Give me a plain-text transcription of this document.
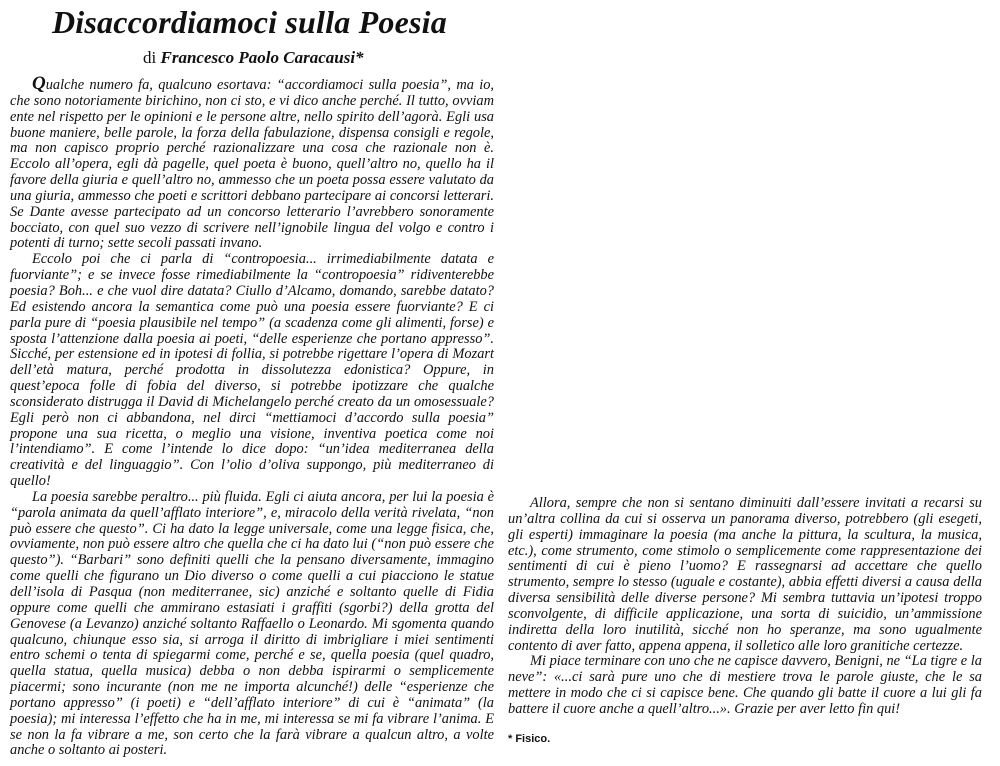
Disaccordiamoci sulla Poesia
di Francesco Paolo Caracausi*

Qualche numero fa, qualcuno esortava: “accordiamoci sulla poesia”, ma io, che sono notoriamente birichino, non ci sto, e vi dico anche perché. Il tutto, ovviam ente nel rispetto per le opinioni e le persone altre, nello spirito dell’agorà. Egli usa buone maniere, belle parole, la forza della fabulazione, dispensa consigli e regole, ma non capisco proprio perché razionalizzare una cosa che razionale non è. Eccolo all’opera, egli dà pagelle, quel poeta è buono, quell’altro no, quello ha il favore della giuria e quell’altro no, ammesso che un poeta possa essere valutato da una giuria, ammesso che poeti e scrittori debbano partecipare ai concorsi letterari. Se Dante avesse partecipato ad un concorso letterario l’avrebbero sonoramente bocciato, con quel suo vezzo di scrivere nell’ignobile lingua del volgo e contro i potenti di turno; sette secoli passati invano.

Eccolo poi che ci parla di “contropoesia... irrimediabilmente datata e fuorviante”; e se invece fosse rimediabilmente la “contropoesia” ridiventerebbe poesia? Boh... e che vuol dire datata? Ciullo d’Alcamo, domando, sarebbe datato? Ed esistendo ancora la semantica come può una poesia essere fuorviante? E ci parla pure di “poesia plausibile nel tempo” (a scadenza come gli alimenti, forse) e sposta l’attenzione dalla poesia ai poeti, “delle esperienze che portano appresso”. Sicché, per estensione ed in ipotesi di follia, si potrebbe rigettare l’opera di Mozart dell’età matura, perché prodotta in dissolutezza edonistica? Oppure, in quest’epoca folle di fobia del diverso, si potrebbe ipotizzare che qualche sconsiderato distrugga il David di Michelangelo perché creato da un omosessuale? Egli però non ci abbandona, nel dirci “mettiamoci d’accordo sulla poesia” propone una sua ricetta, o meglio una visione, inventiva poetica come noi l’intendiamo”. E come l’intende lo dice dopo: “un’idea mediterranea della creatività e del linguaggio”. Con l’olio d’oliva suppongo, più mediterraneo di quello!

La poesia sarebbe peraltro... più fluida. Egli ci aiuta ancora, per lui la poesia è “parola animata da quell’afflato interiore”, e, miracolo della verità rivelata, “non può essere che questo”. Ci ha dato la legge universale, come una legge fisica, che, ovviamente, non può essere altro che quella che ci ha dato lui (“non può essere che questo”). “Barbari” sono definiti quelli che la pensano diversamente, immagino come quelli che figurano un Dio diverso o come quelli a cui piacciono le statue dell’isola di Pasqua (non mediterranee, sic) anziché e soltanto quelle di Fidia oppure come quelli che ammirano estasiati i graffiti (sgorbi?) della grotta del Genovese (a Levanzo) anziché soltanto Raffaello o Leonardo. Mi sgomenta quando qualcuno, chiunque esso sia, si arroga il diritto di imbrigliare i miei sentimenti entro schemi o tenta di spiegarmi come, perché e se, quella poesia (quel quadro, quella statua, quella musica) debba o non debba ispirarmi o semplicemente piacermi; sono incurante (non me ne importa alcunché!) delle “esperienze che portano appresso” (i poeti) e “dell’afflato interiore” di cui è “animata” (la poesia); mi interessa l’effetto che ha in me, mi interessa se mi fa vibrare l’anima. E se non la fa vibrare a me, son certo che la farà vibrare a qualcun altro, a volte anche o soltanto ai posteri.

Allora, sempre che non si sentano diminuiti dall’essere invitati a recarsi su un’altra collina da cui si osserva un panorama diverso, potrebbero (gli esegeti, gli esperti) immaginare la poesia (ma anche la pittura, la scultura, la musica, etc.), come strumento, come stimolo o semplicemente come rappresentazione dei sentimenti di cui è pieno l’uomo? E rassegnarsi ad accettare che quello strumento, sempre lo stesso (uguale e costante), abbia effetti diversi a causa della diversa sensibilità delle diverse persone? Mi sembra tuttavia un’ipotesi troppo sconvolgente, di difficile applicazione, una sorta di suicidio, un’ammissione indiretta della loro inutilità, sicché non ho speranze, ma sono ugualmente contento di aver fatto, appena appena, il solletico alle loro granitiche certezze.

Mi piace terminare con uno che ne capisce davvero, Benigni, ne “La tigre e la neve”: «...ci sarà pure uno che di mestiere trova le parole giuste, che le sa mettere in modo che ci si capisce bene. Che quando gli batte il cuore a lui gli fa battere il cuore anche a quell’altro...». Grazie per aver letto fin qui!

* Fisico.
